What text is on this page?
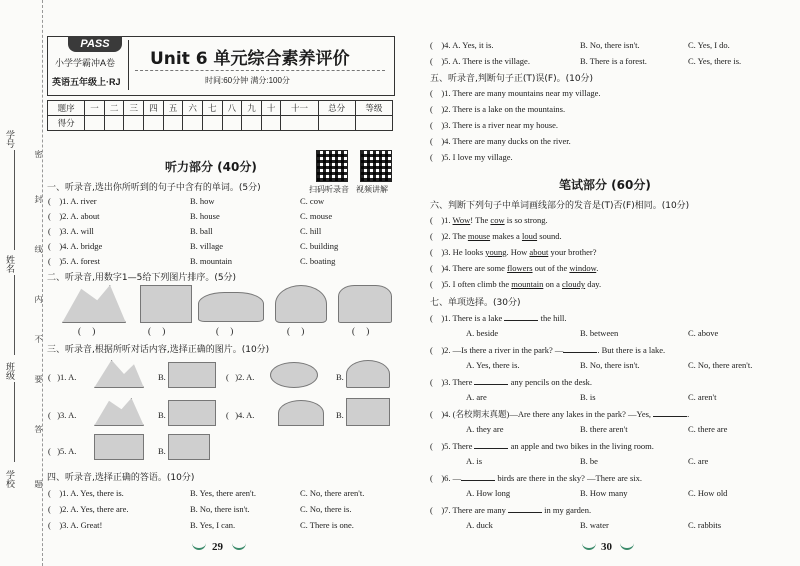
学号
姓名
班级
学校
密
封
线
内
不
要
答
题
PASS
小学学霸冲A卷
英语五年级上·RJ
Unit 6 单元综合素养评价
时间:60分钟 满分:100分
题序	一	二	三	四	五	六	七	八	九	十	十一	总分	等级
得分													
扫码听录音 视频讲解
听力部分 (40分)
一、听录音,选出你所听到的句子中含有的单词。(5分)
(    )1. A. river	B. how	C. cow
(    )2. A. about	B. house	C. mouse
(    )3. A. will	B. ball	C. hill
(    )4. A. bridge	B. village	C. building
(    )5. A. forest	B. mountain	C. boating
二、听录音,用数字1—5给下列图片排序。(5分)
(     )	(     )	(     )	(     )	(     )
三、听录音,根据所听对话内容,选择正确的图片。(10分)
(   )1. A.	B.	(   )2. A.	B.
(   )3. A.	B.	(   )4. A.	B.
(   )5. A.	B.
四、听录音,选择正确的答语。(10分)
(    )1. A. Yes, there is.	B. Yes, there aren't.	C. No, there aren't.
(    )2. A. Yes, there are.	B. No, there isn't.	C. No, there is.
(    )3. A. Great!	B. Yes, I can.	C. There is one.
29
(    )4. A. Yes, it is.	B. No, there isn't.	C. Yes, I do.
(    )5. A. There is the village.	B. There is a forest.	C. Yes, there is.
五、听录音,判断句子正(T)误(F)。(10分)
(    )1. There are many mountains near my village.
(    )2. There is a lake on the mountains.
(    )3. There is a river near my house.
(    )4. There are many ducks on the river.
(    )5. I love my village.
笔试部分 (60分)
六、判断下列句子中单词画线部分的发音是(T)否(F)相同。(10分)
(    )1. Wow! The cow is so strong.
(    )2. The mouse makes a loud sound.
(    )3. He looks young. How about your brother?
(    )4. There are some flowers out of the window.
(    )5. I often climb the mountain on a cloudy day.
七、单项选择。(30分)
(    )1. There is a lake	the hill.
A. beside	B. between	C. above
(    )2. —Is there a river in the park? —	. But there is a lake.
A. Yes, there is.	B. No, there isn't.	C. No, there aren't.
(    )3. There	any pencils on the desk.
A. are	B. is	C. aren't
(    )4. (名校期末真题)—Are there any lakes in the park? —Yes,	.
A. they are	B. there aren't	C. there are
(    )5. There	an apple and two bikes in the living room.
A. is	B. be	C. are
(    )6. —	birds are there in the sky? —There are six.
A. How long	B. How many	C. How old
(    )7. There are many	in my garden.
A. duck	B. water	C. rabbits
30
